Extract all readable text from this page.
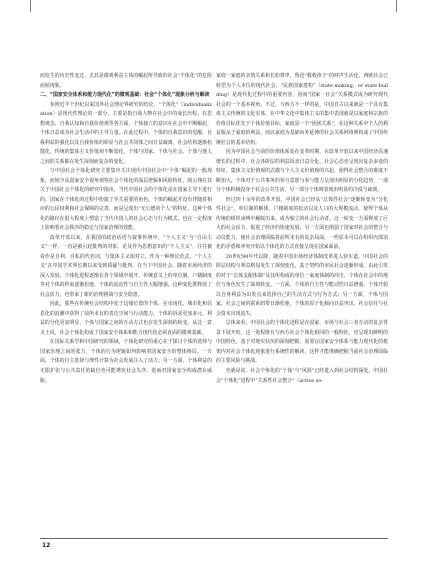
而发生的历史性变迁，尤其是微观利益主体的崛起所导致的社会“个体化”的危险症候现象。

二、“国家安全体系和能力现代化”的微观基础：社会“个体化”现象分析与解读

参照近半个世纪以来国外社会理论界研究的结论，“个体化”（individualization）是现代性理论的一部分，主要是指自我人物在社会中的成长历程。在思想观念、自我认知和自我价值观等各方面，个体独立的意识在社会中不断崛起，个体日益成为社会生活中的主导力量。在此过程中，个体的自我意识的觉醒、自我利益的强化以及自我价值的彰显与社会共同体之间日益疏离，社会结构逐渐松散化，传统的集体主义价值观不断弱化，个体与国家、个体与社会、个体与他人之间的关系都在发生深刻而复杂的变化。

与中国社会个体化研究主要集中关注现代中国社会中“个体”崛起的一般现象，而较少从国家安全视角观察社会个体化的深层逻辑和风险特征。阎云翔在其关于中国社会个体化的研究中指出，当代中国社会的个体化是在国家主导下进行的，国家在个体化的过程中扮演了至关重要的角色，个体的崛起并没有伴随着相应的公民权利和社会保障的完善，而是呈现出“无公德的个人”的特征，这种个体化的路径在很大程度上塑造了当代中国人的社会心态与行为模式，也在一定程度上影响着社会秩序的稳定与国家治理的效能。

改革开放以来，在我国的政治话语与叙事传统中，“个人主义”与“自由主义”一样，一直是被引起批判的对象。论及作为思想意识的“个人主义”，往往被看作是自利、自私的代名词，与集体主义相对立。作为一种理论范式，“个人主义”在中国学术界长期以来受到质疑与批判，在当下中国社会，随着市场经济的深入发展，个体化进程逐渐在各个领域中展开，传统意义上的单位制、户籍制度等对个体的约束逐渐松弛，个体的流动性与自主性大幅增强，这种变化既释放了社会活力，也带来了新的治理挑战与安全隐患。

因此，那些在传统社会结构中处于边缘位置的个体，在市场化、城市化和信息化的浪潮中获得了前所未有的表达空间与行动能力，个体的诉求更加多元，利益的分化更加明显，个体与国家之间的互动方式也在发生深刻的转变。从这一意义上说，社会个体化构成了国家安全体系和能力现代化必须直面的微观基础。

在国际关系学和中国研究的领域，个体化研究的重心在于探讨个体的选择与国家治理之间的张力，个体的行为逻辑如何影响着国家安全的整体格局。一方面，个体的自主选择与理性计算为社会发展注入了活力；另一方面，个体利益的无限扩张与公共责任的缺位也可能诱发社会失序，进而对国家安全构成潜在威胁。

家庭一家庭的亲情关系和长幼尊卑。鲁迅“救救孩子”的呼声生活化，西欧社会已转型为个人本位的现代社会，“民族国家建构”（state making，or state building）是现代化过程中的重要内容，因而“国家一社会”关系模式成为研究现代社会的一个基本视角。不过，与西方不一样的是，中国自古以来就是一个具有集体主义传统的文化实体，在中华文化中集体主义的集中表现就是以家庭和宗族的价值目标优先于个体价值目标，家庭是一个“团团关系”，在这种关系中个人的利益服从于家庭的利益，而以家庭为基础向外延伸的社会关系网络则构成了中国传统社会的基本结构。

因为中国社会当前的价值体系处在变革时期，在改革开放以来中国经济高速增长的过程中，社会各阶层的利益诉求日益分化，社会心态也呈现出复杂多变的特征。集体主义价值观的式微与个人主义价值观的兴起，使得社会整合的难度不断加大，个体对于公共事务的参与意愿与参与能力呈现出明显的分化趋势，一部分个体积极投身于社会公共生活，另一部分个体则表现出明显的冷漠与疏离。

经过四十余年的改革开放，中国社会已经从“总体性社会”逐渐转变为“分化性社会”，单位制的解体、户籍制度的松动以及人口的大规模流动，使得个体从传统的组织束缚中解脱出来，成为独立的社会行动者。这一转变一方面释放了巨大的社会活力，促进了经济的快速发展；另一方面也削弱了国家对社会的整合与动员能力，使社会治理面临着前所未有的复杂局面，一些原本可以在组织内部消化的矛盾和冲突开始以个体化的方式直接呈现在国家面前。

20世纪90年代以降，随着中国市场经济体制改革进入快车道，中国社会的阶层结构与利益格局发生了深刻变化，基于契约的市民社会逐渐形成，由此引发的对于“总体支配体制”及其所构成的单位一家庭体制的冲击，个体在社会中的地位与角色发生了深刻转变。一方面，个体的自主性与能动性日益增强，个体开始以自身利益为出发点来选择自己的生活方式与行为方式；另一方面，个体与国家、社会之间的联系纽带日渐松弛，个体的原子化倾向日益突出，社会信任与社会资本出现流失。

总体来看，中国社会的个体化进程是在国家、市场与社会三者互动的复杂背景下展开的，这一进程既有与西方社会个体化相同的一般特征，也呈现出鲜明的中国特色。基于对现实状况的深刻把握，需要在国家安全体系与能力现代化的框架内对社会个体化现象进行系统性的解读，这样才能准确把握当前社会治理面临的主要风险与挑战。

也就是说，社会个体化的“个体”与“风险”已经进入到社会结构深处，中国社会“个体化”进程中“关系性社会整合”（active so-

12
